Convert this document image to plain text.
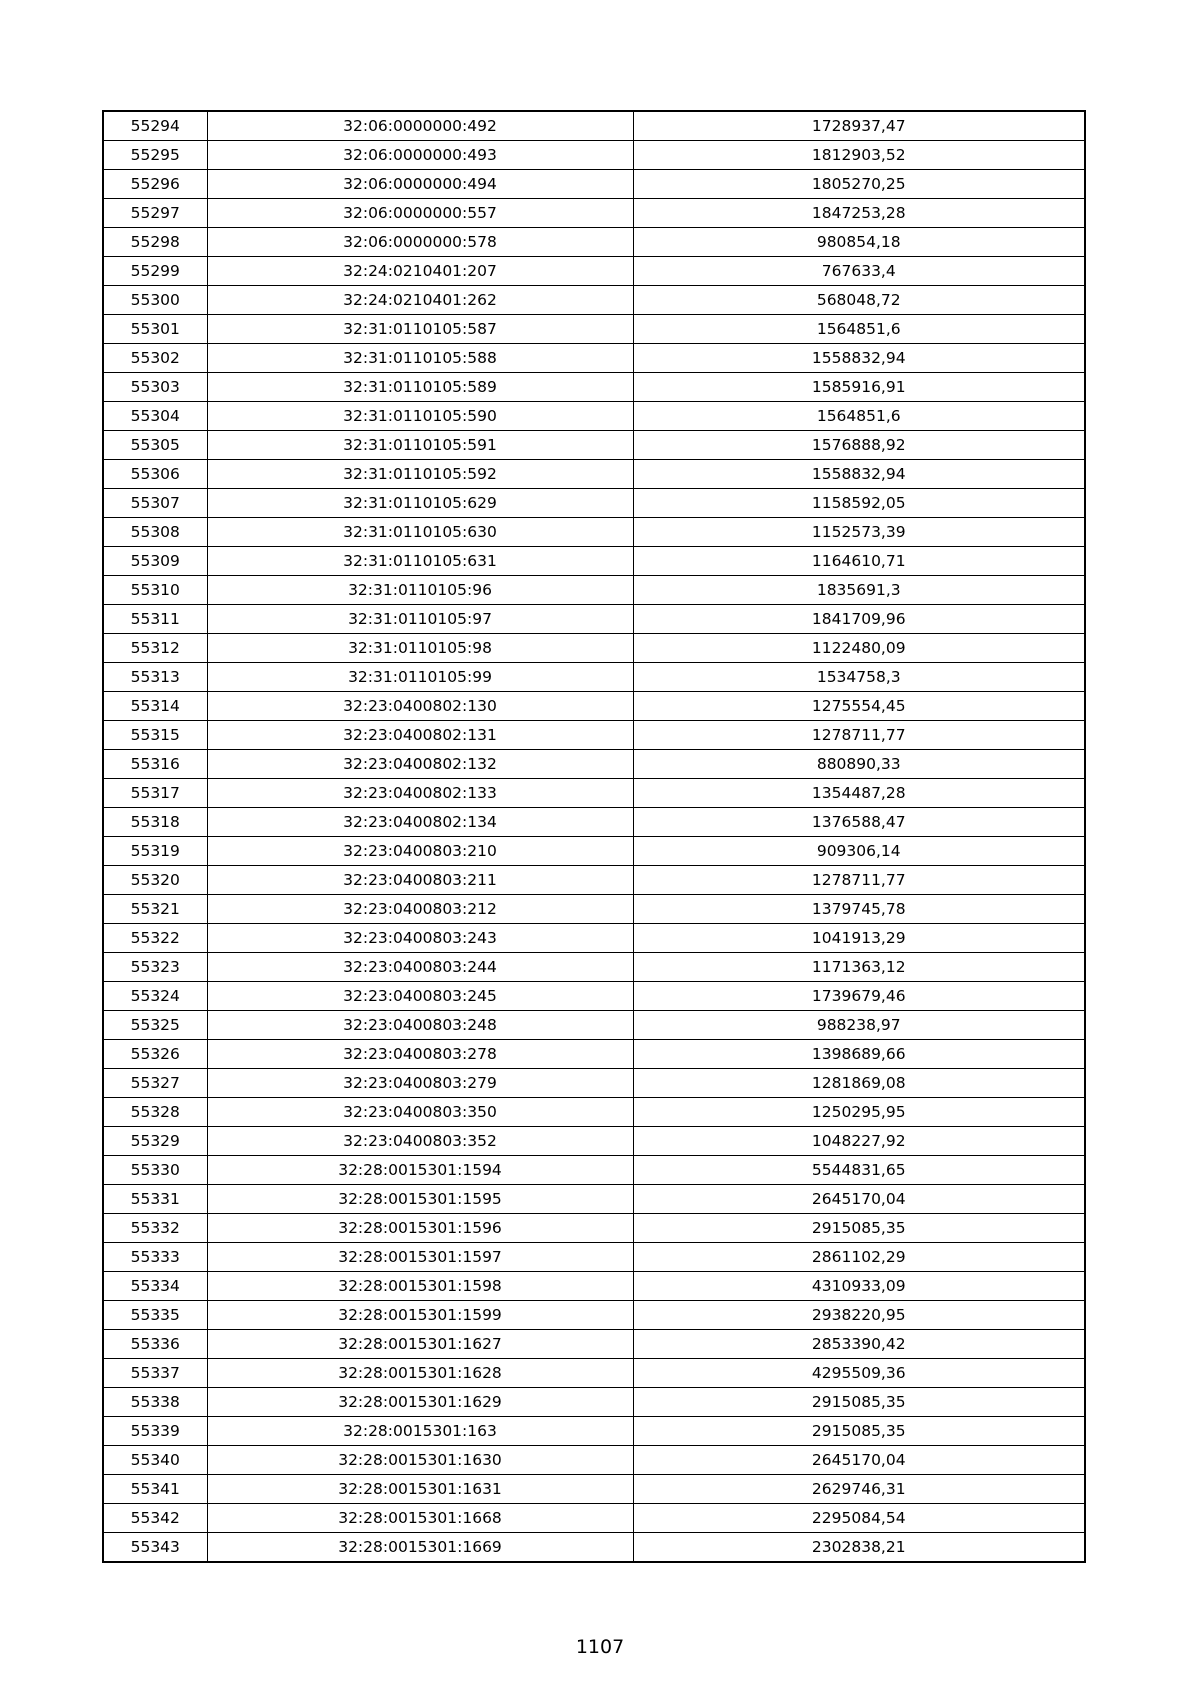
55294	32:06:0000000:492	1728937,47
55295	32:06:0000000:493	1812903,52
55296	32:06:0000000:494	1805270,25
55297	32:06:0000000:557	1847253,28
55298	32:06:0000000:578	980854,18
55299	32:24:0210401:207	767633,4
55300	32:24:0210401:262	568048,72
55301	32:31:0110105:587	1564851,6
55302	32:31:0110105:588	1558832,94
55303	32:31:0110105:589	1585916,91
55304	32:31:0110105:590	1564851,6
55305	32:31:0110105:591	1576888,92
55306	32:31:0110105:592	1558832,94
55307	32:31:0110105:629	1158592,05
55308	32:31:0110105:630	1152573,39
55309	32:31:0110105:631	1164610,71
55310	32:31:0110105:96	1835691,3
55311	32:31:0110105:97	1841709,96
55312	32:31:0110105:98	1122480,09
55313	32:31:0110105:99	1534758,3
55314	32:23:0400802:130	1275554,45
55315	32:23:0400802:131	1278711,77
55316	32:23:0400802:132	880890,33
55317	32:23:0400802:133	1354487,28
55318	32:23:0400802:134	1376588,47
55319	32:23:0400803:210	909306,14
55320	32:23:0400803:211	1278711,77
55321	32:23:0400803:212	1379745,78
55322	32:23:0400803:243	1041913,29
55323	32:23:0400803:244	1171363,12
55324	32:23:0400803:245	1739679,46
55325	32:23:0400803:248	988238,97
55326	32:23:0400803:278	1398689,66
55327	32:23:0400803:279	1281869,08
55328	32:23:0400803:350	1250295,95
55329	32:23:0400803:352	1048227,92
55330	32:28:0015301:1594	5544831,65
55331	32:28:0015301:1595	2645170,04
55332	32:28:0015301:1596	2915085,35
55333	32:28:0015301:1597	2861102,29
55334	32:28:0015301:1598	4310933,09
55335	32:28:0015301:1599	2938220,95
55336	32:28:0015301:1627	2853390,42
55337	32:28:0015301:1628	4295509,36
55338	32:28:0015301:1629	2915085,35
55339	32:28:0015301:163	2915085,35
55340	32:28:0015301:1630	2645170,04
55341	32:28:0015301:1631	2629746,31
55342	32:28:0015301:1668	2295084,54
55343	32:28:0015301:1669	2302838,21
1107
